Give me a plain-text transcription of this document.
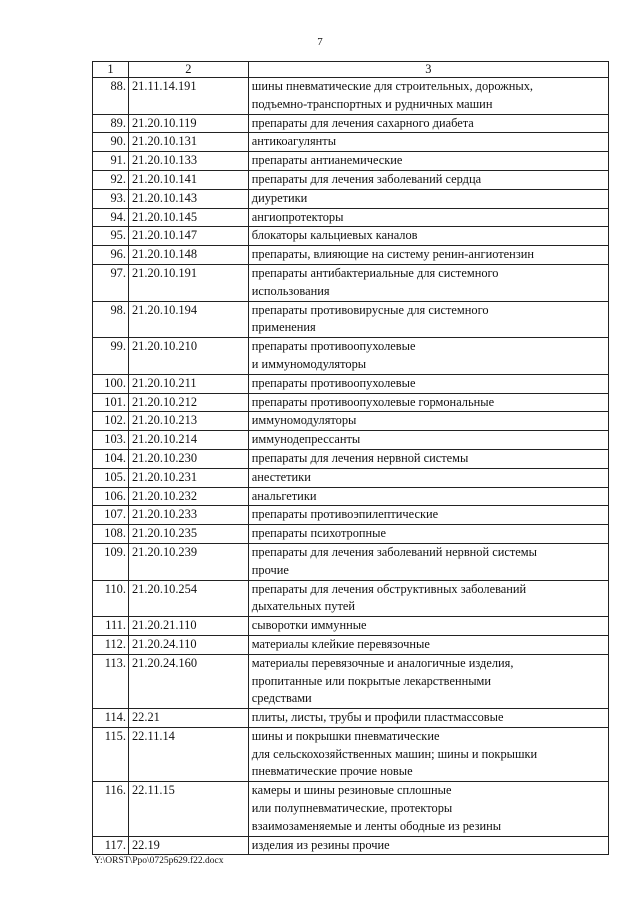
7
1	2	3
88.	21.11.14.191	шины пневматические для строительных, дорожных,
подъемно-транспортных и рудничных машин
89.	21.20.10.119	препараты для лечения сахарного диабета
90.	21.20.10.131	антикоагулянты
91.	21.20.10.133	препараты антианемические
92.	21.20.10.141	препараты для лечения заболеваний сердца
93.	21.20.10.143	диуретики
94.	21.20.10.145	ангиопротекторы
95.	21.20.10.147	блокаторы кальциевых каналов
96.	21.20.10.148	препараты, влияющие на систему ренин-ангиотензин
97.	21.20.10.191	препараты антибактериальные для системного
использования
98.	21.20.10.194	препараты противовирусные для системного
применения
99.	21.20.10.210	препараты противоопухолевые
и иммуномодуляторы
100.	21.20.10.211	препараты противоопухолевые
101.	21.20.10.212	препараты противоопухолевые гормональные
102.	21.20.10.213	иммуномодуляторы
103.	21.20.10.214	иммунодепрессанты
104.	21.20.10.230	препараты для лечения нервной системы
105.	21.20.10.231	анестетики
106.	21.20.10.232	анальгетики
107.	21.20.10.233	препараты противоэпилептические
108.	21.20.10.235	препараты психотропные
109.	21.20.10.239	препараты для лечения заболеваний нервной системы
прочие
110.	21.20.10.254	препараты для лечения обструктивных заболеваний
дыхательных путей
111.	21.20.21.110	сыворотки иммунные
112.	21.20.24.110	материалы клейкие перевязочные
113.	21.20.24.160	материалы перевязочные и аналогичные изделия,
пропитанные или покрытые лекарственными
средствами
114.	22.21	плиты, листы, трубы и профили пластмассовые
115.	22.11.14	шины и покрышки пневматические
для сельскохозяйственных машин; шины и покрышки
пневматические прочие новые
116.	22.11.15	камеры и шины резиновые сплошные
или полупневматические, протекторы
взаимозаменяемые и ленты ободные из резины
117.	22.19	изделия из резины прочие
Y:\ORST\Ppo\0725p629.f22.docx
